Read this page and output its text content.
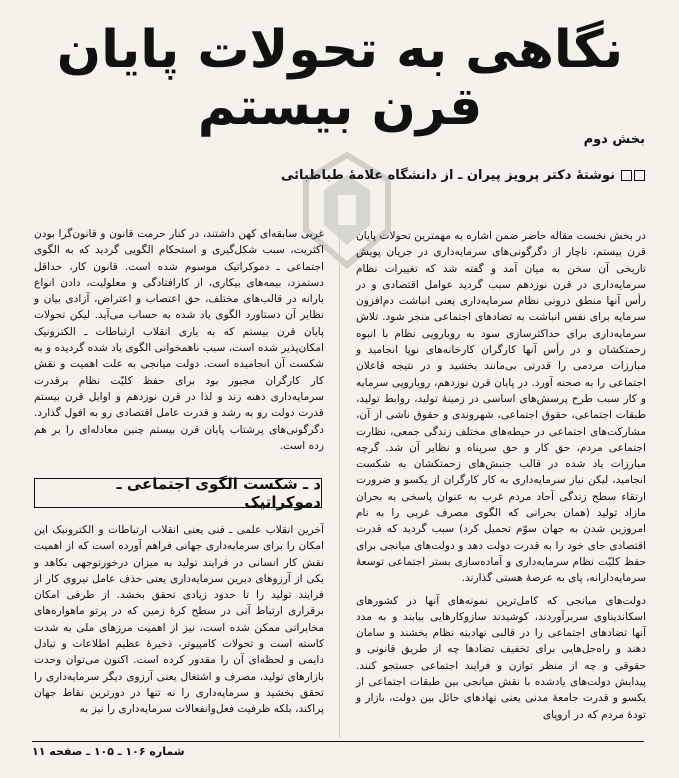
نگاهی به تحولات پایان قرن بیستم
بخش دوم
نوشتهٔ دکتر پرویز پیران ـ از دانشگاه علامهٔ طباطبائی

در بخش نخست مقاله حاضر ضمن اشاره به مهمترین تحولات پایان قرن بیستم، ناچار از دگرگونی‌های سرمایه‌داری در جریان پویش تاریخی آن سخن به میان آمد و گفته شد که تغییرات نظام سرمایه‌داری در قرن نوزدهم سبب گردید عوامل اقتصادی و در رأس آنها منطق درونی نظام سرمایه‌داری یعنی انباشت دم‌افزون سرمایه برای نفس انباشت به تضادهای اجتماعی منجر شود. تلاش سرمایه‌داری برای حداکثرسازی سود به رویارویی نظام با انبوه زحمتکشان و در رأس آنها کارگران کارخانه‌های نوپا انجامید و مبارزات مردمی را قدرتی بی‌مانند بخشید و در نتیجه قاعلان اجتماعی را به صحنه آورد. در پایان قرن نوزدهم، رویارویی سرمایه و کار سبب طرح پرسش‌های اساسی در زمینهٔ تولید، روابط تولید، طبقات اجتماعی، حقوق اجتماعی، شهروندی و حقوق ناشی از آن، مشارکت‌های اجتماعی در حیطه‌های مختلف زندگی جمعی، نظارت اجتماعی مردم، حق کار و حق سرپناه و نظایر آن شد. گرچه مبارزات یاد شده در قالب جنبش‌های زحمتکشان به شکست انجامید، لیکن نیاز سرمایه‌داری به کار کارگران از یکسو و ضرورت ارتقاء سطح زندگی آحاد مردم غرب به عنوان پاسخی به بحران مازاد تولید (همان بحرانی که الگوی مصرف غربی را به نام امروزین شدن به جهان سوّم تحمیل کرد) سبب گردید که قدرت اقتصادی جای خود را به قدرت دولت دهد و دولت‌های میانجی برای حفظ کلیّت نظام سرمایه‌داری و آماده‌سازی بستر اجتماعی توسعهٔ سرمایه‌دارانه، پای به عرصهٔ هستی گذارند.

دولت‌های میانجی که کامل‌ترین نمونه‌های آنها در کشورهای اسکاندیناوی سربرآوردند، کوشیدند سازوکارهایی بیابند و به مدد آنها تضادهای اجتماعی را در قالبی نهادینه نظام بخشند و سامان دهند و راه‌حل‌هایی برای تخفیف تضادها چه از طریق قانونی و حقوقی و چه از منظر توازن و فرایند اجتماعی جستجو کنند. پیدایش دولت‌های یادشده با نقش میانجی بین طبقات اجتماعی از یکسو و قدرت جامعهٔ مدنی یعنی نهادهای حائل بین دولت، بازار و تودهٔ مردم که در اروپای

غربی سابقه‌ای کهن داشتند، در کنار حرمت قانون و قانون‌گرا بودن اکثریت، سبب شکل‌گیری و استحکام الگویی گردید که به الگوی اجتماعی ـ دموکراتیک موسوم شده است. قانون کار، حداقل دستمزد، بیمه‌های بیکاری، از کارافتادگی و معلولیت، دادن انواع یارانه در قالب‌های مختلف، حق اعتصاب و اعتراض، آزادی بیان و نظایر آن دستاورد الگوی یاد شده به حساب می‌آید. لیکن تحولات پایان قرن بیستم که به یاری انقلاب ارتباطات ـ الکترونیک امکان‌پذیر شده است، سبب ناهمخوانی الگوی یاد شده گردیده و به شکست آن انجامیده است. دولت میانجی به علت اهمیت و نقش کار کارگران مجبور بود برای حفظ کلیّت نظام برقدرت سرمایه‌داری دهنه زند و لذا در قرن نوزدهم و اوایل قرن بیستم قدرت دولت رو به رشد و قدرت عامل اقتصادی رو به افول گذارد. دگرگونی‌های پرشتاب پایان قرن بیستم چنین معادله‌ای را بر هم زده است.

د ـ شکست الگوی اجتماعی ـ دموکراتیک

آخرین انقلاب علمی ـ فنی یعنی انقلاب ارتباطات و الکترونیک این امکان را برای سرمایه‌داری جهانی فراهم آورده است که از اهمیت نقش کار انسانی در فرایند تولید به میزان درخورتوجهی بکاهد و یکی از آرزوهای دیرین سرمایه‌داری یعنی حذف عامل نیروی کار از فرایند تولید را تا حدود زیادی تحقق بخشد. از طرفی امکان برقراری ارتباط آنی در سطح کرهٔ زمین که در پرتو ماهواره‌های مخابراتی ممکن شده است، نیز از اهمیت مرزهای ملی به شدت کاسته است و تحولات کامپیوتر، ذخیرهٔ عظیم اطلاعات و تبادل دایمی و لحظه‌ای آن را مقدور کرده است. اکنون می‌توان وحدت بازارهای تولید، مصرف و اشتغال یعنی آرزوی دیگر سرمایه‌داری را تحقق بخشید و سرمایه‌داری را نه تنها در دورترین نقاط جهان پراکند، بلکه ظرفیت فعل‌وانفعالات سرمایه‌داری را نیز به

شماره ۱۰۶ ـ ۱۰۵ ـ صفحه ۱۱
